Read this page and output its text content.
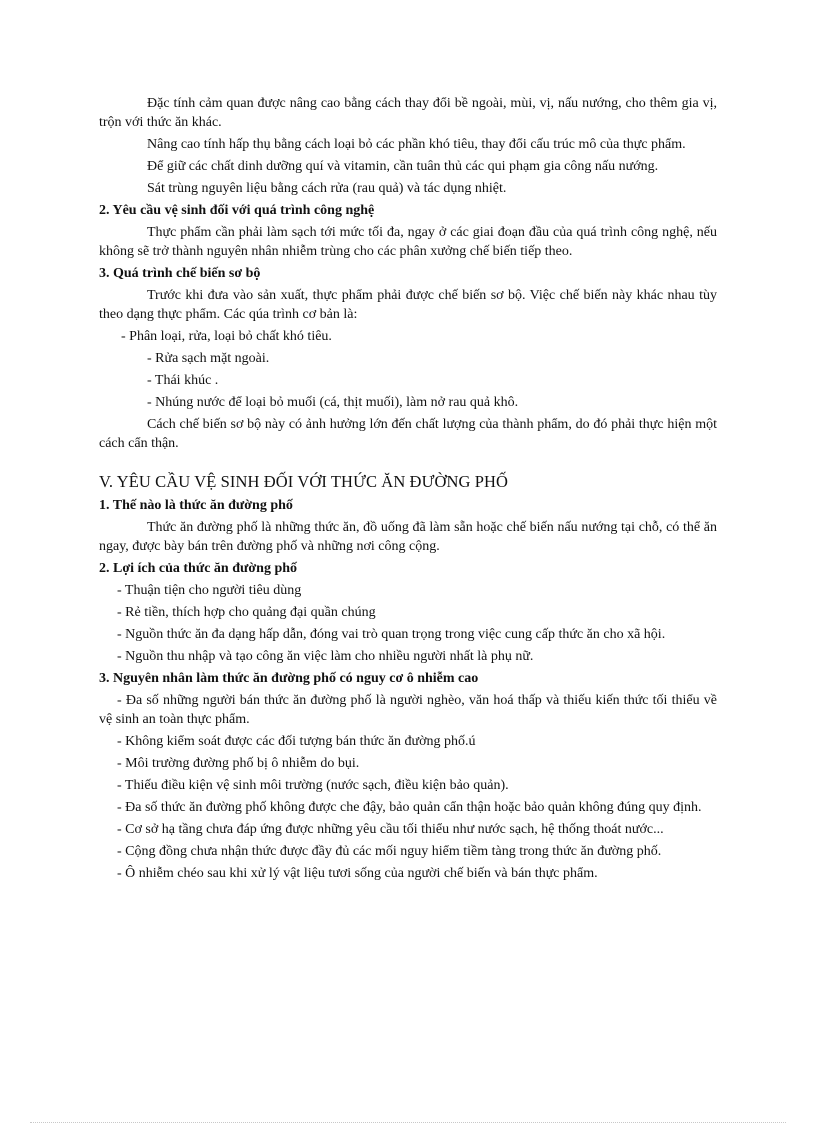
Đặc tính cảm quan được nâng cao bằng cách thay đổi bề ngoài, mùi, vị, nấu nướng, cho thêm gia vị, trộn với thức ăn khác.

Nâng cao tính hấp thụ bằng cách loại bỏ các phần khó tiêu, thay đổi cấu trúc mô của thực phẩm.

Để giữ các chất dinh dưỡng quí và vitamin, cần tuân thủ các qui phạm gia công nấu nướng.

Sát trùng nguyên liệu bằng cách rửa (rau quả) và tác dụng nhiệt.

2. Yêu cầu vệ sinh đối với quá trình công nghệ

Thực phẩm cần phải làm sạch tới mức tối đa, ngay ở các giai đoạn đầu của quá trình công nghệ, nếu không sẽ trở thành nguyên nhân nhiễm trùng cho các phân xưởng chế biến tiếp theo.

3. Quá trình chế biến sơ bộ

Trước khi đưa vào sản xuất, thực phẩm phải được chế biến sơ bộ. Việc chế biến này khác nhau tùy theo dạng thực phẩm. Các qúa trình cơ bản là:

- Phân loại, rửa, loại bỏ chất khó tiêu.

- Rửa sạch mặt ngoài.

- Thái khúc .

- Nhúng nước để loại bỏ muối (cá, thịt muối), làm nở rau quả khô.

Cách chế biến sơ bộ này có ảnh hưởng lớn đến chất lượng của thành phẩm, do đó phải thực hiện một cách cẩn thận.

V. YÊU CẦU VỆ SINH ĐỐI VỚI THỨC ĂN ĐƯỜNG PHỐ

1. Thế nào là thức ăn đường phố

Thức ăn đường phố là những thức ăn, đồ uống đã làm sẵn hoặc chế biến nấu nướng tại chỗ, có thể ăn ngay, được bày bán trên đường phố và những nơi công cộng.

2. Lợi ích của thức ăn đường phố

- Thuận tiện cho người tiêu dùng

- Rẻ tiền, thích hợp cho quảng đại quần chúng

- Nguồn thức ăn đa dạng hấp dẫn, đóng vai trò quan trọng trong việc cung cấp thức ăn cho xã hội.

- Nguồn thu nhập và tạo công ăn việc làm cho nhiều người nhất là phụ nữ.

3. Nguyên nhân làm thức ăn đường phố có nguy cơ ô nhiễm cao

- Đa số những người bán thức ăn đường phố là người nghèo, văn hoá thấp và thiếu kiến thức tối thiểu về vệ sinh an toàn thực phẩm.

- Không kiểm soát được các đối tượng bán thức ăn đường phố.ú

- Môi trường đường phố bị ô nhiễm do bụi.

- Thiếu điều kiện vệ sinh môi trường (nước sạch, điều kiện bảo quản).

- Đa số thức ăn đường phố không được che đậy, bảo quản cẩn thận hoặc bảo quản không đúng quy định.

- Cơ sở hạ tầng chưa đáp ứng được những yêu cầu tối thiểu như nước sạch, hệ thống thoát nước...

- Cộng đồng chưa nhận thức được đầy đủ các mối nguy hiểm tiềm tàng trong thức ăn đường phố.

- Ô nhiễm chéo sau khi xử lý vật liệu tươi sống của người chế biến và bán thực phẩm.
